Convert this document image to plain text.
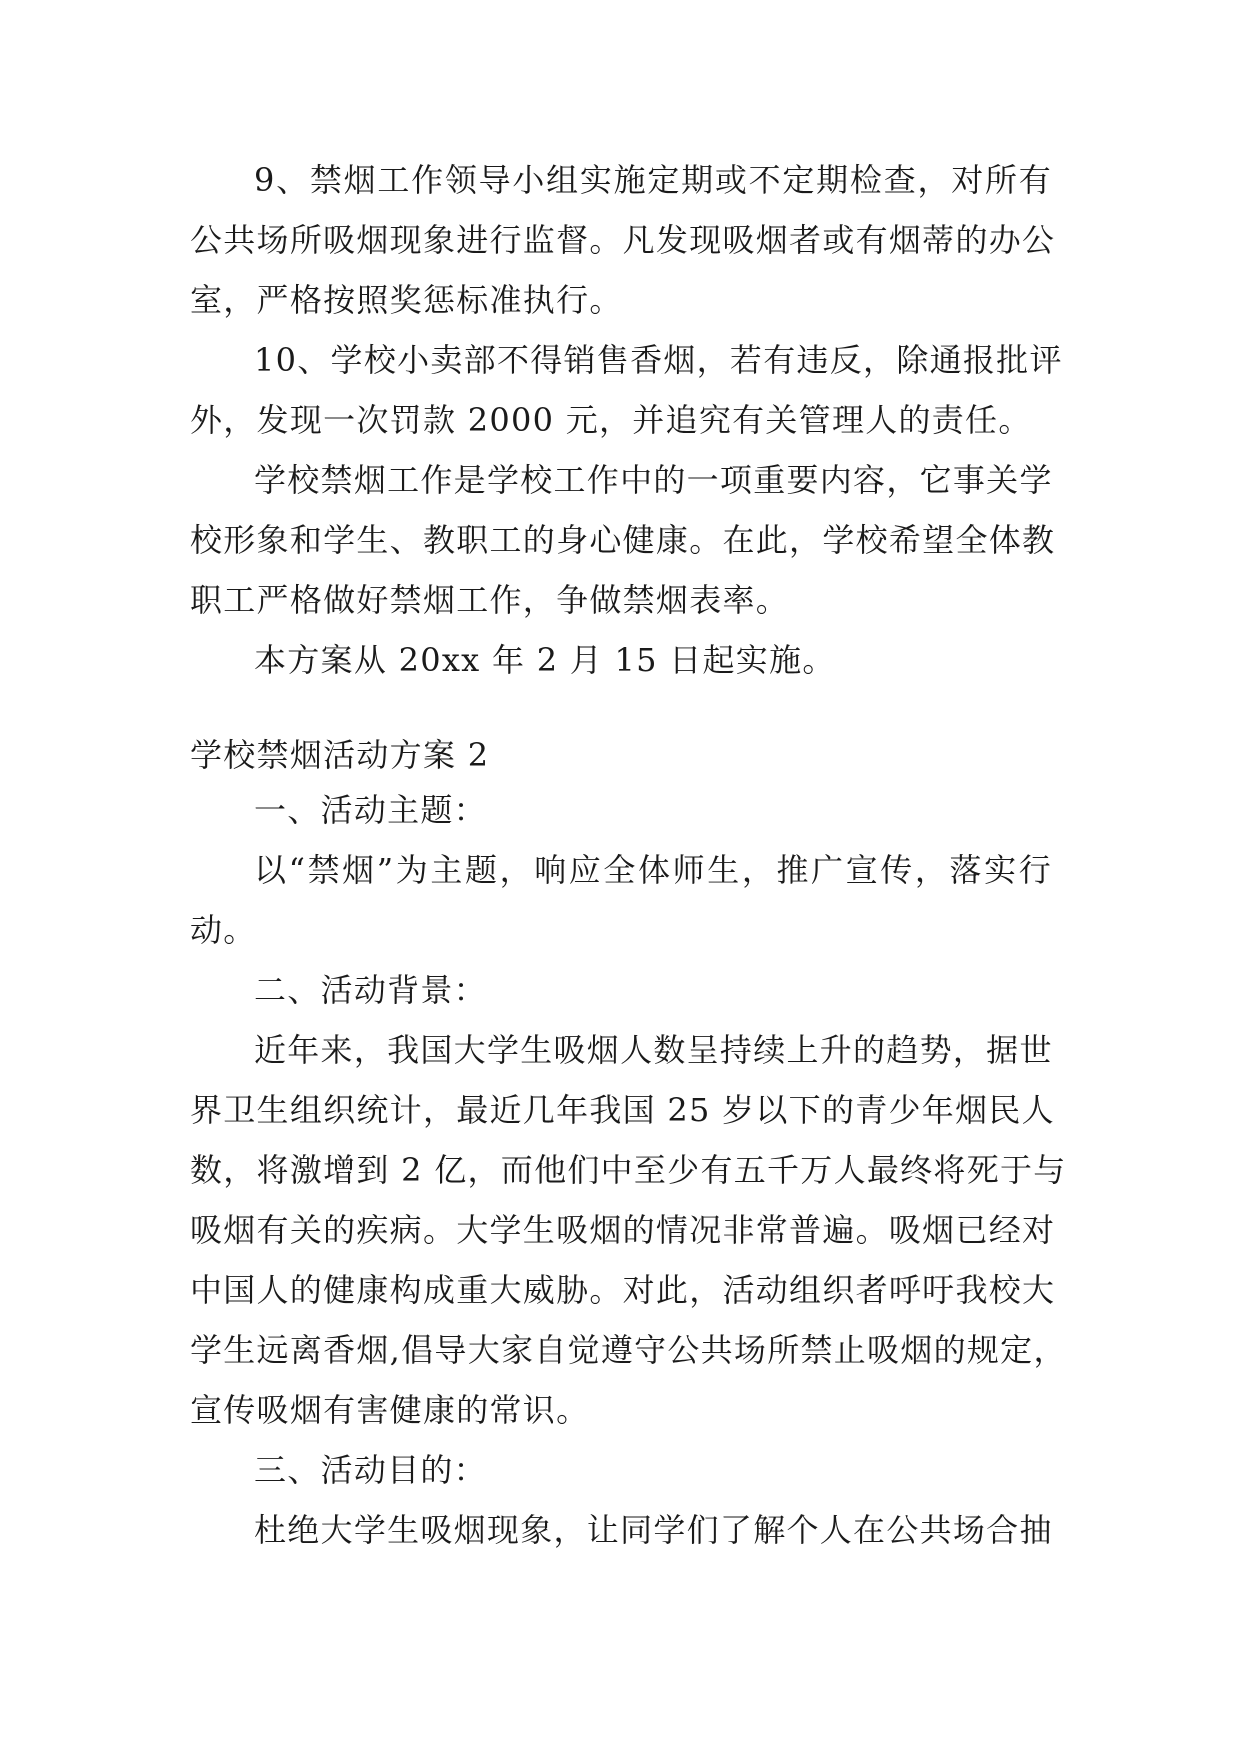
9、禁烟工作领导小组实施定期或不定期检查，对所有
公共场所吸烟现象进行监督。凡发现吸烟者或有烟蒂的办公
室，严格按照奖惩标准执行。
10、学校小卖部不得销售香烟，若有违反，除通报批评
外，发现一次罚款 2000 元，并追究有关管理人的责任。
学校禁烟工作是学校工作中的一项重要内容，它事关学
校形象和学生、教职工的身心健康。在此，学校希望全体教
职工严格做好禁烟工作，争做禁烟表率。
本方案从 20xx 年 2 月 15 日起实施。
学校禁烟活动方案 2
一、活动主题：
以“禁烟”为主题，响应全体师生，推广宣传，落实行
动。
二、活动背景：
近年来，我国大学生吸烟人数呈持续上升的趋势，据世
界卫生组织统计，最近几年我国 25 岁以下的青少年烟民人
数，将激增到 2 亿，而他们中至少有五千万人最终将死于与
吸烟有关的疾病。大学生吸烟的情况非常普遍。吸烟已经对
中国人的健康构成重大威胁。对此，活动组织者呼吁我校大
学生远离香烟,倡导大家自觉遵守公共场所禁止吸烟的规定，
宣传吸烟有害健康的常识。
三、活动目的：
杜绝大学生吸烟现象，让同学们了解个人在公共场合抽
